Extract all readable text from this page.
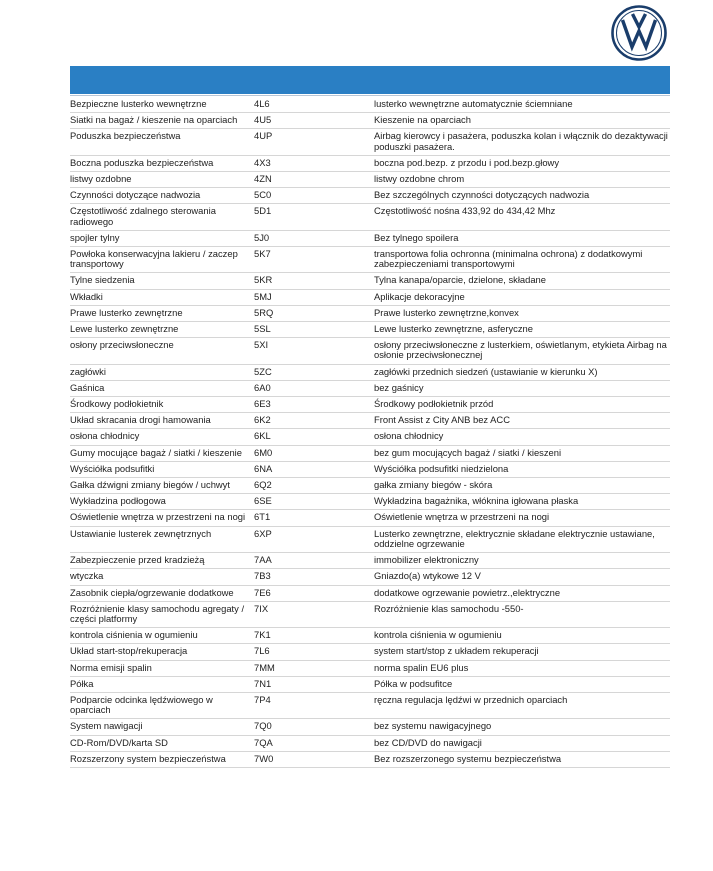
Bezpieczne lusterko wewnętrzne	4L6	lusterko wewnętrzne automatycznie ściemniane
Siatki na bagaż / kieszenie na oparciach	4U5	Kieszenie na oparciach
Poduszka bezpieczeństwa	4UP	Airbag kierowcy i pasażera, poduszka kolan i włącznik do dezaktywacji poduszki pasażera.
Boczna poduszka bezpieczeństwa	4X3	boczna pod.bezp. z przodu i pod.bezp.głowy
listwy ozdobne	4ZN	listwy ozdobne chrom
Czynności dotyczące nadwozia	5C0	Bez szczególnych czynności dotyczących nadwozia
Częstotliwość zdalnego sterowania radiowego	5D1	Częstotliwość nośna 433,92 do 434,42 Mhz
spojler tylny	5J0	Bez tylnego spoilera
Powłoka konserwacyjna lakieru / zaczep transportowy	5K7	transportowa folia ochronna (minimalna ochrona) z dodatkowymi zabezpieczeniami transportowymi
Tylne siedzenia	5KR	Tylna kanapa/oparcie, dzielone, składane
Wkładki	5MJ	Aplikacje dekoracyjne
Prawe lusterko zewnętrzne	5RQ	Prawe lusterko zewnętrzne,konvex
Lewe lusterko zewnętrzne	5SL	Lewe lusterko zewnętrzne, asferyczne
osłony przeciwsłoneczne	5XI	osłony przeciwsłoneczne z lusterkiem, oświetlanym, etykieta Airbag na osłonie przeciwsłonecznej
zagłówki	5ZC	zagłówki przednich siedzeń (ustawianie w kierunku X)
Gaśnica	6A0	bez gaśnicy
Środkowy podłokietnik	6E3	Środkowy podłokietnik przód
Układ skracania drogi hamowania	6K2	Front Assist z City ANB bez ACC
osłona chłodnicy	6KL	osłona chłodnicy
Gumy mocujące bagaż / siatki / kieszenie	6M0	bez gum mocujących bagaż / siatki / kieszeni
Wyściółka podsufitki	6NA	Wyściółka podsufitki niedzielona
Gałka dźwigni zmiany biegów / uchwyt	6Q2	gałka zmiany biegów - skóra
Wykładzina podłogowa	6SE	Wykładzina bagażnika, włóknina igłowana płaska
Oświetlenie wnętrza w przestrzeni na nogi	6T1	Oświetlenie wnętrza w przestrzeni na nogi
Ustawianie lusterek zewnętrznych	6XP	Lusterko zewnętrzne, elektrycznie składane elektrycznie ustawiane, oddzielne ogrzewanie
Zabezpieczenie przed kradzieżą	7AA	immobilizer elektroniczny
wtyczka	7B3	Gniazdo(a) wtykowe 12 V
Zasobnik ciepła/ogrzewanie dodatkowe	7E6	dodatkowe ogrzewanie powietrz.,elektryczne
Rozróżnienie klasy samochodu agregaty / części platformy	7IX	Rozróżnienie klas samochodu -550-
kontrola ciśnienia w ogumieniu	7K1	kontrola ciśnienia w ogumieniu
Układ start-stop/rekuperacja	7L6	system start/stop z układem rekuperacji
Norma emisji spalin	7MM	norma spalin EU6 plus
Półka	7N1	Półka w podsufitce
Podparcie odcinka lędźwiowego w oparciach	7P4	ręczna regulacja lędźwi w przednich oparciach
System nawigacji	7Q0	bez systemu nawigacyjnego
CD-Rom/DVD/karta SD	7QA	bez CD/DVD do nawigacji
Rozszerzony system bezpieczeństwa	7W0	Bez rozszerzonego systemu bezpieczeństwa
